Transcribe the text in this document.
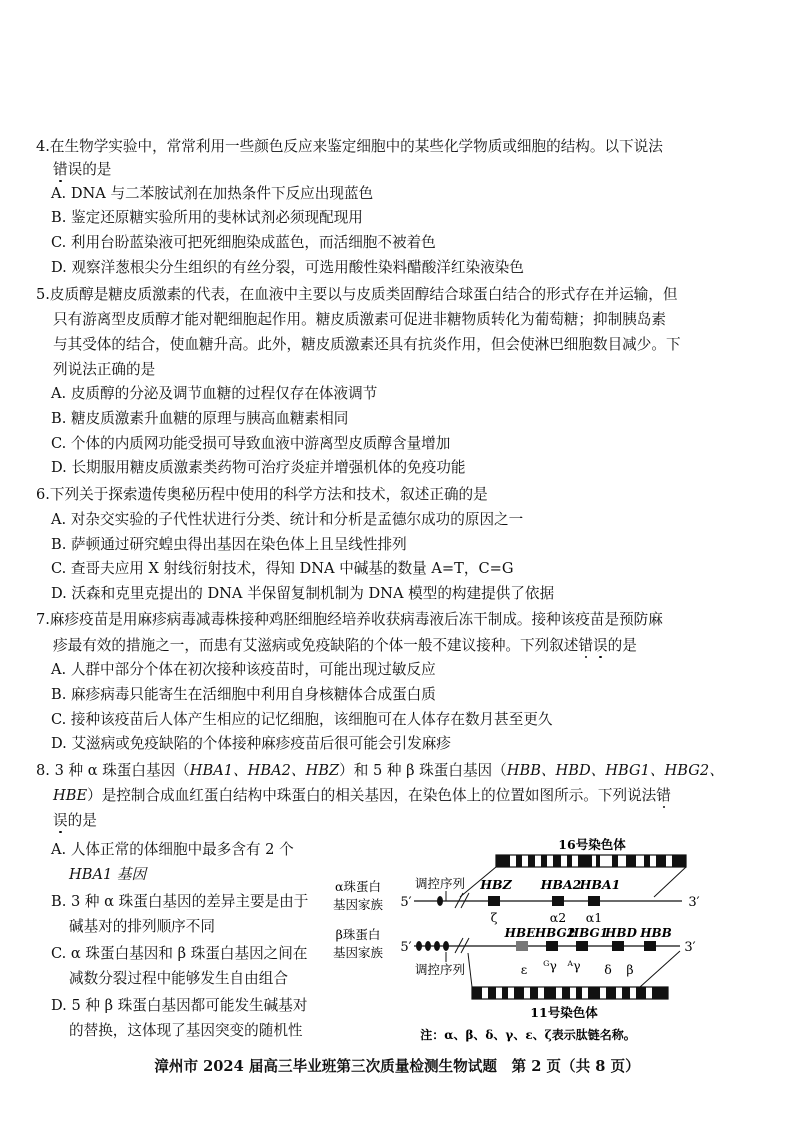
4.在生物学实验中，常常利用一些颜色反应来鉴定细胞中的某些化学物质或细胞的结构。以下说法
错误的是
A. DNA 与二苯胺试剂在加热条件下反应出现蓝色
B. 鉴定还原糖实验所用的斐林试剂必须现配现用
C. 利用台盼蓝染液可把死细胞染成蓝色，而活细胞不被着色
D. 观察洋葱根尖分生组织的有丝分裂，可选用酸性染料醋酸洋红染液染色
5.皮质醇是糖皮质激素的代表，在血液中主要以与皮质类固醇结合球蛋白结合的形式存在并运输，但
只有游离型皮质醇才能对靶细胞起作用。糖皮质激素可促进非糖物质转化为葡萄糖；抑制胰岛素
与其受体的结合，使血糖升高。此外，糖皮质激素还具有抗炎作用，但会使淋巴细胞数目减少。下
列说法正确的是
A. 皮质醇的分泌及调节血糖的过程仅存在体液调节
B. 糖皮质激素升血糖的原理与胰高血糖素相同
C. 个体的内质网功能受损可导致血液中游离型皮质醇含量增加
D. 长期服用糖皮质激素类药物可治疗炎症并增强机体的免疫功能
6.下列关于探索遗传奥秘历程中使用的科学方法和技术，叙述正确的是
A. 对杂交实验的子代性状进行分类、统计和分析是孟德尔成功的原因之一
B. 萨顿通过研究蝗虫得出基因在染色体上且呈线性排列
C. 查哥夫应用 X 射线衍射技术，得知 DNA 中碱基的数量 A=T，C=G
D. 沃森和克里克提出的 DNA 半保留复制机制为 DNA 模型的构建提供了依据
7.麻疹疫苗是用麻疹病毒减毒株接种鸡胚细胞经培养收获病毒液后冻干制成。接种该疫苗是预防麻
疹最有效的措施之一，而患有艾滋病或免疫缺陷的个体一般不建议接种。下列叙述错误的是
A. 人群中部分个体在初次接种该疫苗时，可能出现过敏反应
B. 麻疹病毒只能寄生在活细胞中利用自身核糖体合成蛋白质
C. 接种该疫苗后人体产生相应的记忆细胞，该细胞可在人体存在数月甚至更久
D. 艾滋病或免疫缺陷的个体接种麻疹疫苗后很可能会引发麻疹
8. 3 种 α 珠蛋白基因（HBA1、HBA2、HBZ）和 5 种 β 珠蛋白基因（HBB、HBD、HBG1、HBG2、
HBE）是控制合成血红蛋白结构中珠蛋白的相关基因，在染色体上的位置如图所示。下列说法错
误的是
A. 人体正常的体细胞中最多含有 2 个
HBA1 基因
B. 3 种 α 珠蛋白基因的差异主要是由于
碱基对的排列顺序不同
C. α 珠蛋白基因和 β 珠蛋白基因之间在
减数分裂过程中能够发生自由组合
D. 5 种 β 珠蛋白基因都可能发生碱基对
的替换，这体现了基因突变的随机性
16号染色体
α珠蛋白
基因家族
调控序列
5′	3′
HBZ HBA2
HBA1
ζ	α2 α1
β珠蛋白
基因家族 5′	3′
HBE HBG2
HBG1
HBD HBB
调控序列	ε ᴳγ ᴬγ δ β
11号染色体
注：α、β、δ、γ、ε、ζ表示肽链名称。
漳州市 2024 届高三毕业班第三次质量检测生物试题　第 2 页（共 8 页）
